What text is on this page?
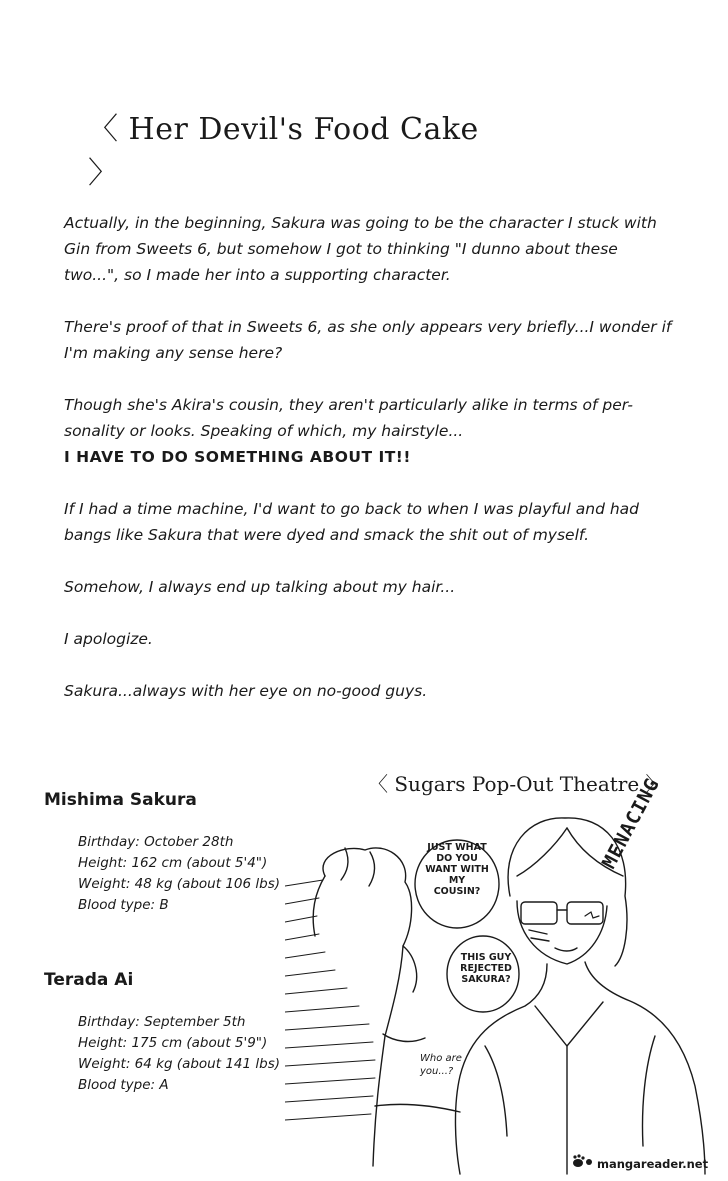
〈 Her Devil's Food Cake 〉

Actually, in the beginning, Sakura was going to be the character I stuck with Gin from Sweets 6, but somehow I got to thinking "I dunno about these two...", so I made her into a supporting character.

There's proof of that in Sweets 6, as she only appears very briefly...I wonder if I'm making any sense here?

Though she's Akira's cousin, they aren't particularly alike in terms of per-sonality or looks. Speaking of which, my hairstyle...

I HAVE TO DO SOMETHING ABOUT IT!!

If I had a time machine, I'd want to go back to when I was playful and had bangs like Sakura that were dyed and smack the shit out of myself.

Somehow, I always end up talking about my hair...

I apologize.

Sakura...always with her eye on no-good guys.

Mishima Sakura
Birthday: October 28th
Height: 162 cm (about 5'4")
Weight: 48 kg (about 106 lbs)
Blood type: B
Terada Ai
Birthday: September 5th
Height: 175 cm (about 5'9")
Weight: 64 kg (about 141 lbs)
Blood type: A
〈 Sugars Pop-Out Theatre 〉
JUST WHAT DO YOU WANT WITH MY COUSIN?
THIS GUY REJECTED SAKURA?
Who are you...?
MENACING
mangareader.net
